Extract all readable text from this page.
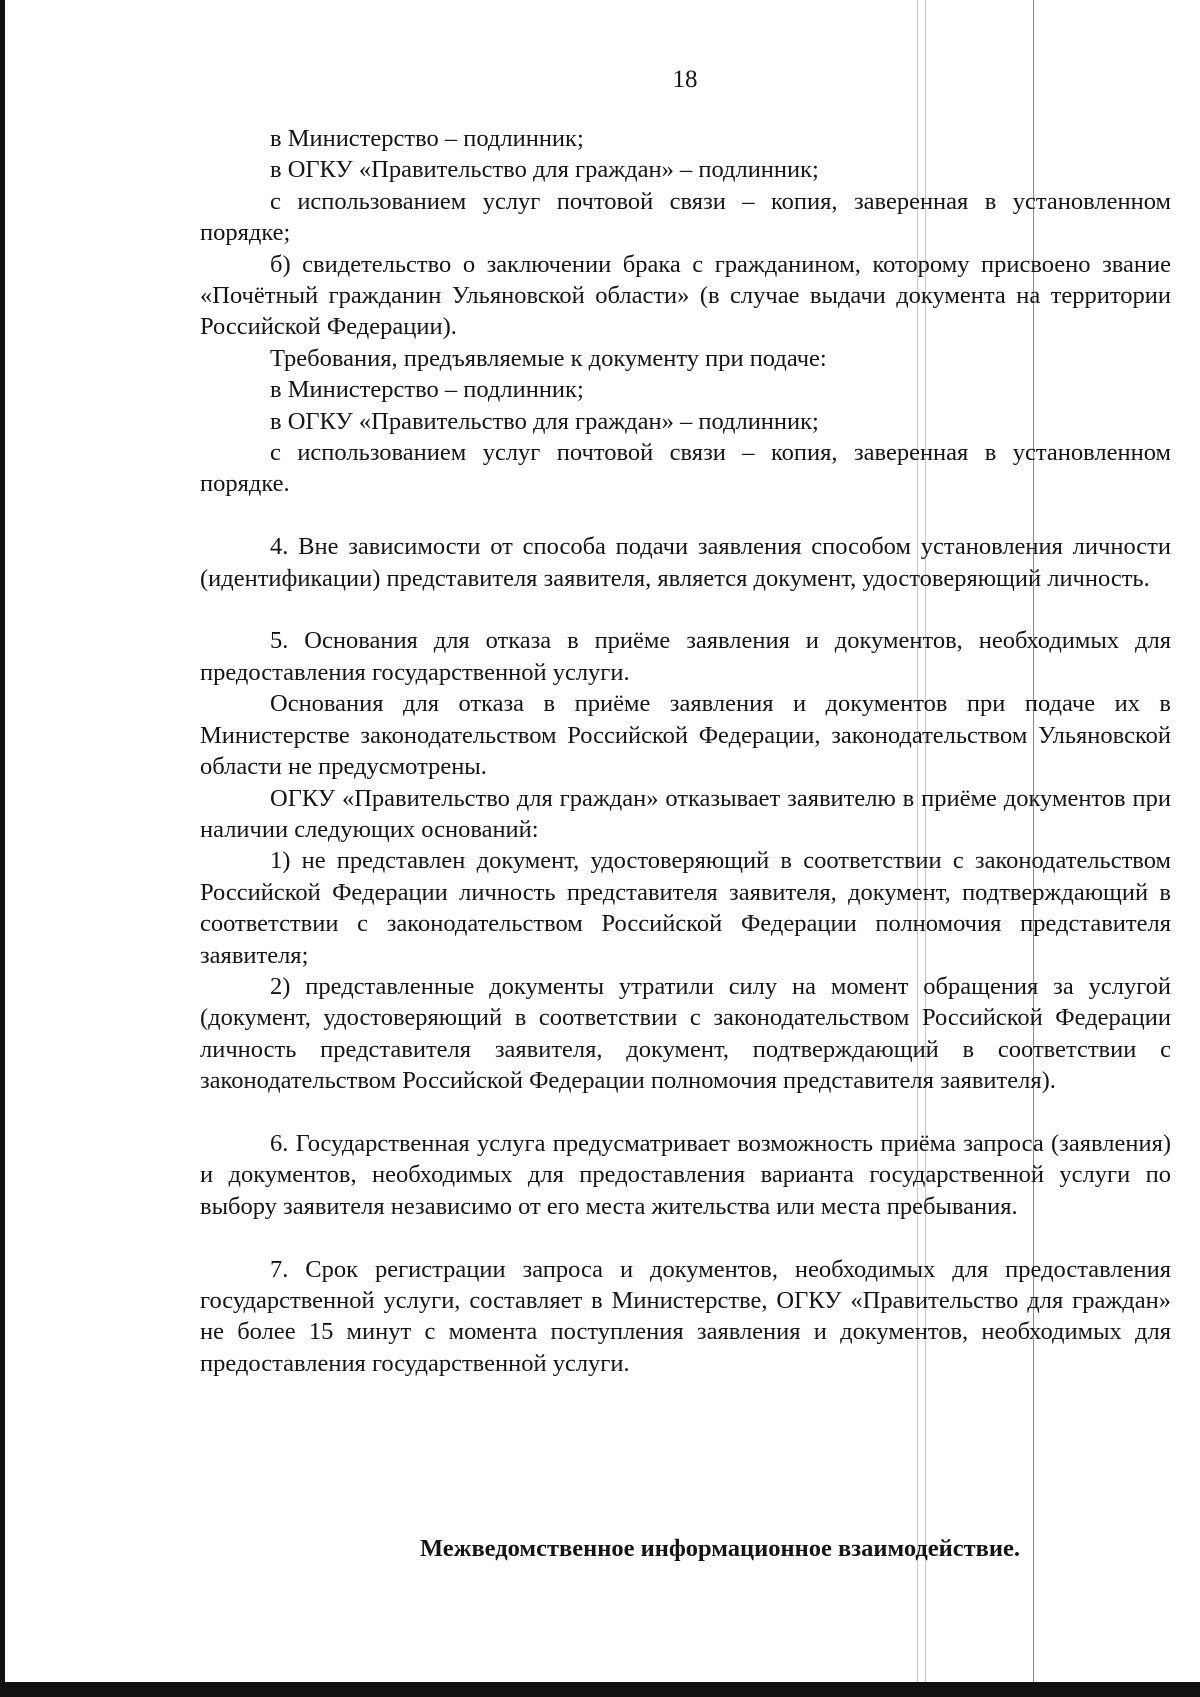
18

в Министерство – подлинник;

в ОГКУ «Правительство для граждан» – подлинник;

с использованием услуг почтовой связи – копия, заверенная в установленном порядке;

б) свидетельство о заключении брака с гражданином, которому присвоено звание «Почётный гражданин Ульяновской области» (в случае выдачи документа на территории Российской Федерации).

Требования, предъявляемые к документу при подаче:

в Министерство – подлинник;

в ОГКУ «Правительство для граждан» – подлинник;

с использованием услуг почтовой связи – копия, заверенная в установленном порядке.

4. Вне зависимости от способа подачи заявления способом установления личности (идентификации) представителя заявителя, является документ, удостоверяющий личность.

5. Основания для отказа в приёме заявления и документов, необходимых для предоставления государственной услуги.

Основания для отказа в приёме заявления и документов при подаче их в Министерстве законодательством Российской Федерации, законодательством Ульяновской области не предусмотрены.

ОГКУ «Правительство для граждан» отказывает заявителю в приёме документов при наличии следующих оснований:

1) не представлен документ, удостоверяющий в соответствии с законодательством Российской Федерации личность представителя заявителя, документ, подтверждающий в соответствии с законодательством Российской Федерации полномочия представителя заявителя;

2) представленные документы утратили силу на момент обращения за услугой (документ, удостоверяющий в соответствии с законодательством Российской Федерации личность представителя заявителя, документ, подтверждающий в соответствии с законодательством Российской Федерации полномочия представителя заявителя).

6. Государственная услуга предусматривает возможность приёма запроса (заявления) и документов, необходимых для предоставления варианта государственной услуги по выбору заявителя независимо от его места жительства или места пребывания.

7. Срок регистрации запроса и документов, необходимых для предоставления государственной услуги, составляет в Министерстве, ОГКУ «Правительство для граждан» не более 15 минут с момента поступления заявления и документов, необходимых для предоставления государственной услуги.

Межведомственное информационное взаимодействие.
